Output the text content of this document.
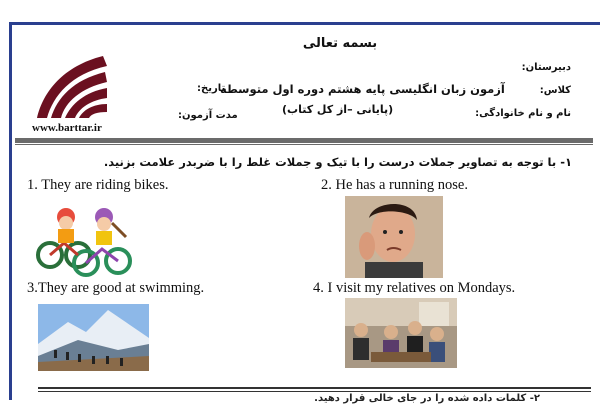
بسمه تعالی
www.barttar.ir
آزمون زبان انگلیسی پایه هشتم دوره اول متوسطه
(پایانی –از کل کتاب)
دبیرستان:
کلاس:
نام و نام خانوادگی:
تاریخ:
مدت آزمون:
۱- با توجه به تصاویر جملات درست را با تیک و جملات غلط را با ضربدر علامت بزنید.
1. They are riding bikes.	2. He has a running nose.
3.They are good at swimming.	4. I visit my relatives on Mondays.
۲- کلمات داده شده را در جای خالی قرار دهید.
